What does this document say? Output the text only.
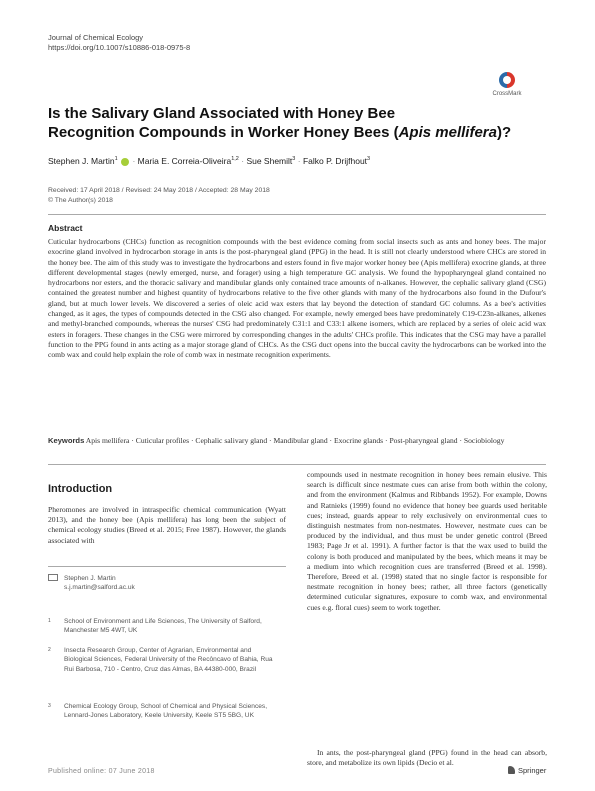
Journal of Chemical Ecology
https://doi.org/10.1007/s10886-018-0975-8
CrossMark
Is the Salivary Gland Associated with Honey Bee
Recognition Compounds in Worker Honey Bees (Apis mellifera)?
Stephen J. Martin$^1$ · Maria E. Correia-Oliveira$^{1,2}$ · Sue Shemilt$^3$ · Falko P. Drijfhout$^3$
Received: 17 April 2018 / Revised: 24 May 2018 / Accepted: 28 May 2018
© The Author(s) 2018
Abstract
Cuticular hydrocarbons (CHCs) function as recognition compounds with the best evidence coming from social insects such as ants and honey bees. The major exocrine gland involved in hydrocarbon storage in ants is the post-pharyngeal gland (PPG) in the head. It is still not clearly understood where CHCs are stored in the honey bee. The aim of this study was to investigate the hydrocarbons and esters found in five major worker honey bee (Apis mellifera) exocrine glands, at three different developmental stages (newly emerged, nurse, and forager) using a high temperature GC analysis. We found the hypopharyngeal gland contained no hydrocarbons nor esters, and the thoracic salivary and mandibular glands only contained trace amounts of n-alkanes. However, the cephalic salivary gland (CSG) contained the greatest number and highest quantity of hydrocarbons relative to the five other glands with many of the hydrocarbons also found in the Dufour's gland, but at much lower levels. We discovered a series of oleic acid wax esters that lay beyond the detection of standard GC columns. As a bee's activities changed, as it ages, the types of compounds detected in the CSG also changed. For example, newly emerged bees have predominately C19-C23n-alkanes, alkenes and methyl-branched compounds, whereas the nurses' CSG had predominately C31:1 and C33:1 alkene isomers, which are replaced by a series of oleic acid wax esters in foragers. These changes in the CSG were mirrored by corresponding changes in the adults' CHCs profile. This indicates that the CSG may have a parallel function to the PPG found in ants acting as a major storage gland of CHCs. As the CSG duct opens into the buccal cavity the hydrocarbons can be worked into the comb wax and could help explain the role of comb wax in nestmate recognition experiments.
Keywords Apis mellifera · Cuticular profiles · Cephalic salivary gland · Mandibular gland · Exocrine glands · Post-pharyngeal gland · Sociobiology
Introduction
Pheromones are involved in intraspecific chemical communication (Wyatt 2013), and the honey bee (Apis mellifera) has long been the subject of chemical ecology studies (Breed et al. 2015; Free 1987). However, the glands associated with
Stephen J. Martin
s.j.martin@salford.ac.uk
1 School of Environment and Life Sciences, The University of Salford, Manchester M5 4WT, UK
2 Insecta Research Group, Center of Agrarian, Environmental and Biological Sciences, Federal University of the Recôncavo of Bahia, Rua Rui Barbosa, 710 - Centro, Cruz das Almas, BA 44380-000, Brazil
3 Chemical Ecology Group, School of Chemical and Physical Sciences, Lennard-Jones Laboratory, Keele University, Keele ST5 5BG, UK
compounds used in nestmate recognition in honey bees remain elusive. This search is difficult since nestmate cues can arise from both within the colony, and from the environment (Kalmus and Ribbands 1952). For example, Downs and Ratnieks (1999) found no evidence that honey bee guards used heritable cues; instead, guards appear to rely exclusively on environmental cues to distinguish nestmates from non-nestmates. However, nestmate cues can be produced by the individual, and thus must be under genetic control (Breed 1983; Page Jr et al. 1991). A further factor is that the wax used to build the colony is both produced and manipulated by the bees, which means it may be a medium into which recognition cues are transferred (Breed et al. 1998). Therefore, Breed et al. (1998) stated that no single factor is responsible for nestmate recognition in honey bees; rather, all three factors (genetically determined cuticular signatures, exposure to comb wax, and environmental cues e.g. floral cues) seem to work together.
In ants, the post-pharyngeal gland (PPG) found in the head can absorb, store, and metabolize its own lipids (Decio et al.
Published online: 07 June 2018	Springer
